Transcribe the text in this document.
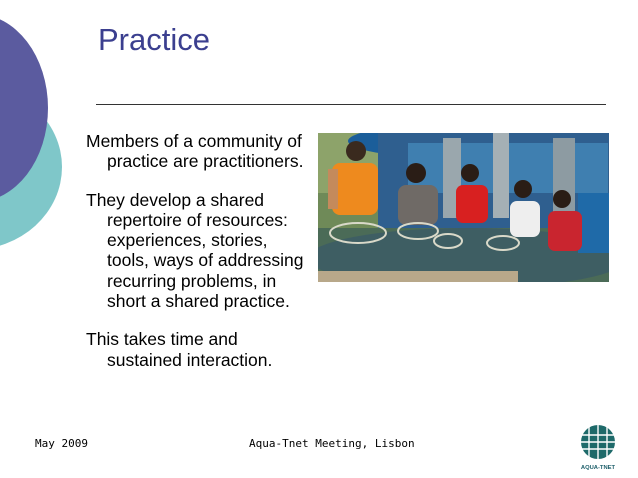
Practice

Members of a community of practice are practitioners.

They develop a shared repertoire of resources: experiences, stories, tools, ways of addressing recurring problems, in short a shared practice.

This takes time and sustained interaction.

May 2009	Aqua-Tnet Meeting, Lisbon
AQUA-TNET
